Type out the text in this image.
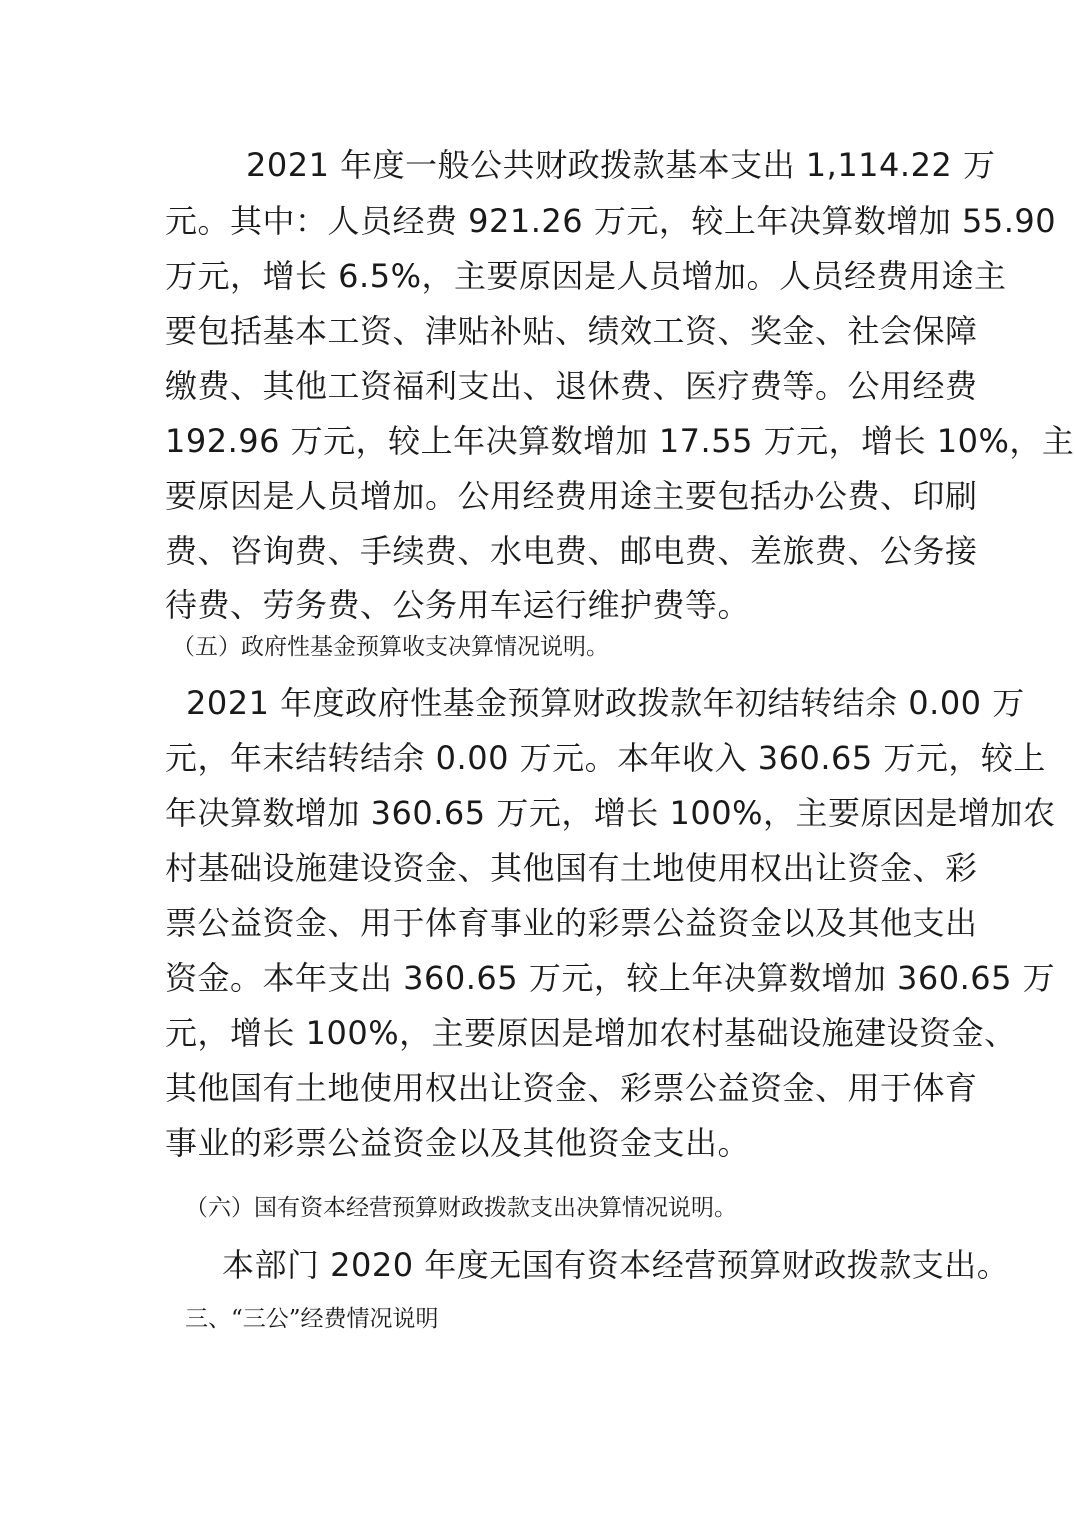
2021 年度一般公共财政拨款基本支出 1,114.22 万
元。其中：人员经费 921.26 万元，较上年决算数增加 55.90
万元，增长 6.5%，主要原因是人员增加。人员经费用途主
要包括基本工资、津贴补贴、绩效工资、奖金、社会保障
缴费、其他工资福利支出、退休费、医疗费等。公用经费
192.96 万元，较上年决算数增加 17.55 万元，增长 10%，主
要原因是人员增加。公用经费用途主要包括办公费、印刷
费、咨询费、手续费、水电费、邮电费、差旅费、公务接
待费、劳务费、公务用车运行维护费等。
（五）政府性基金预算收支决算情况说明。
2021 年度政府性基金预算财政拨款年初结转结余 0.00 万
元，年末结转结余 0.00 万元。本年收入 360.65 万元，较上
年决算数增加 360.65 万元，增长 100%，主要原因是增加农
村基础设施建设资金、其他国有土地使用权出让资金、彩
票公益资金、用于体育事业的彩票公益资金以及其他支出
资金。本年支出 360.65 万元，较上年决算数增加 360.65 万
元，增长 100%，主要原因是增加农村基础设施建设资金、
其他国有土地使用权出让资金、彩票公益资金、用于体育
事业的彩票公益资金以及其他资金支出。
（六）国有资本经营预算财政拨款支出决算情况说明。
本部门 2020 年度无国有资本经营预算财政拨款支出。
三、“三公”经费情况说明
